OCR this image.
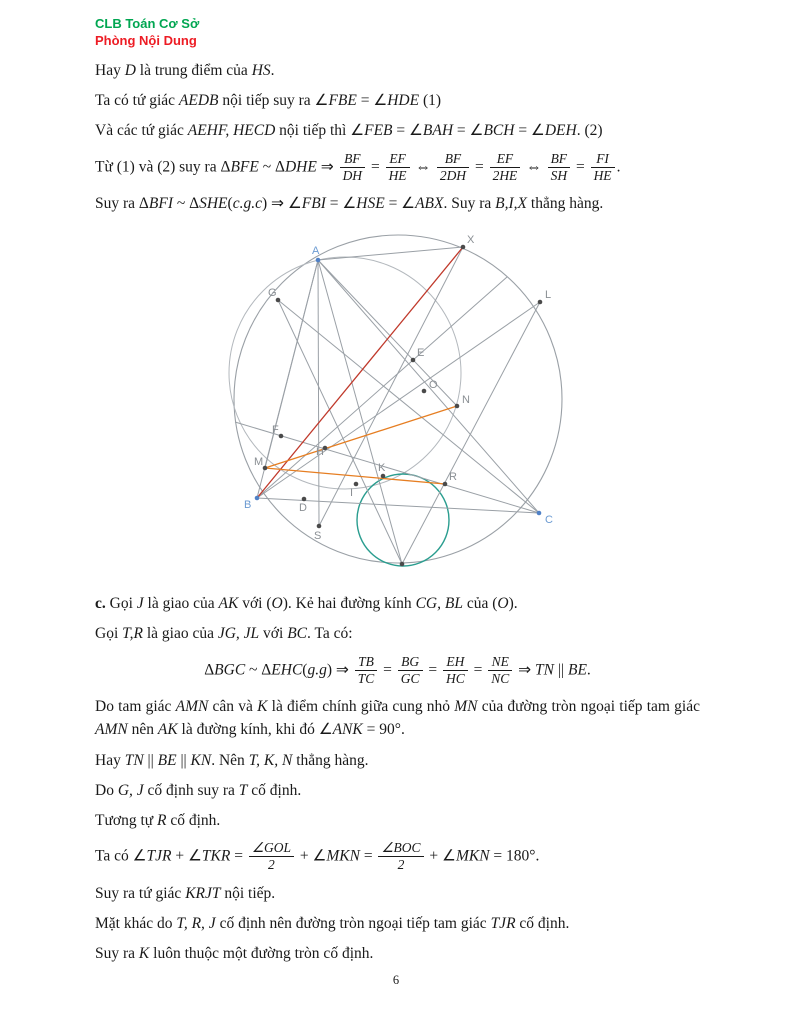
CLB Toán Cơ Sở
Phòng Nội Dung
Hay D là trung điểm của HS.
Ta có tứ giác AEDB nội tiếp suy ra ∠FBE = ∠HDE (1)
Và các tứ giác AEHF, HECD nội tiếp thì ∠FEB = ∠BAH = ∠BCH = ∠DEH. (2)
Từ (1) và (2) suy ra ΔBFE ~ ΔDHE ⇒ $\frac{BF}{DH} = \frac{EF}{HE}$ ⇔ $\frac{BF}{2DH} = \frac{EF}{2HE}$ ⇔ $\frac{BF}{SH} = \frac{FI}{HE}$ .
Suy ra ΔBFI ~ ΔSHE(c.g.c) ⇒ ∠FBI = ∠HSE = ∠ABX. Suy ra B,I,X thẳng hàng.
A
X
G	L
E
O
N
F
H
M
I
K
R
B	D
S
C
c. Gọi J là giao của AK với (O). Kẻ hai đường kính CG, BL của (O).
Gọi T,R là giao của JG, JL với BC. Ta có:
ΔBGC ~ ΔEHC(g.g) ⇒ $\frac{TB}{TC} = \frac{BG}{GC} = \frac{EH}{HC} = \frac{NE}{NC}$ ⇒ TN || BE.
Do tam giác AMN cân và K là điểm chính giữa cung nhỏ MN của đường tròn ngoại tiếp tam giác AMN nên AK là đường kính, khi đó ∠ANK = 90°.
Hay TN || BE || KN. Nên T, K, N thẳng hàng.
Do G, J cố định suy ra T cố định.
Tương tự R cố định.
Ta có ∠TJR + ∠TKR = $\frac{\text{∠GOL}}{2}$ + ∠MKN = $\frac{\text{∠BOC}}{2}$ + ∠MKN = 180°.
Suy ra tứ giác KRJT nội tiếp.
Mặt khác do T, R, J cố định nên đường tròn ngoại tiếp tam giác TJR cố định.
Suy ra K luôn thuộc một đường tròn cố định.
6
